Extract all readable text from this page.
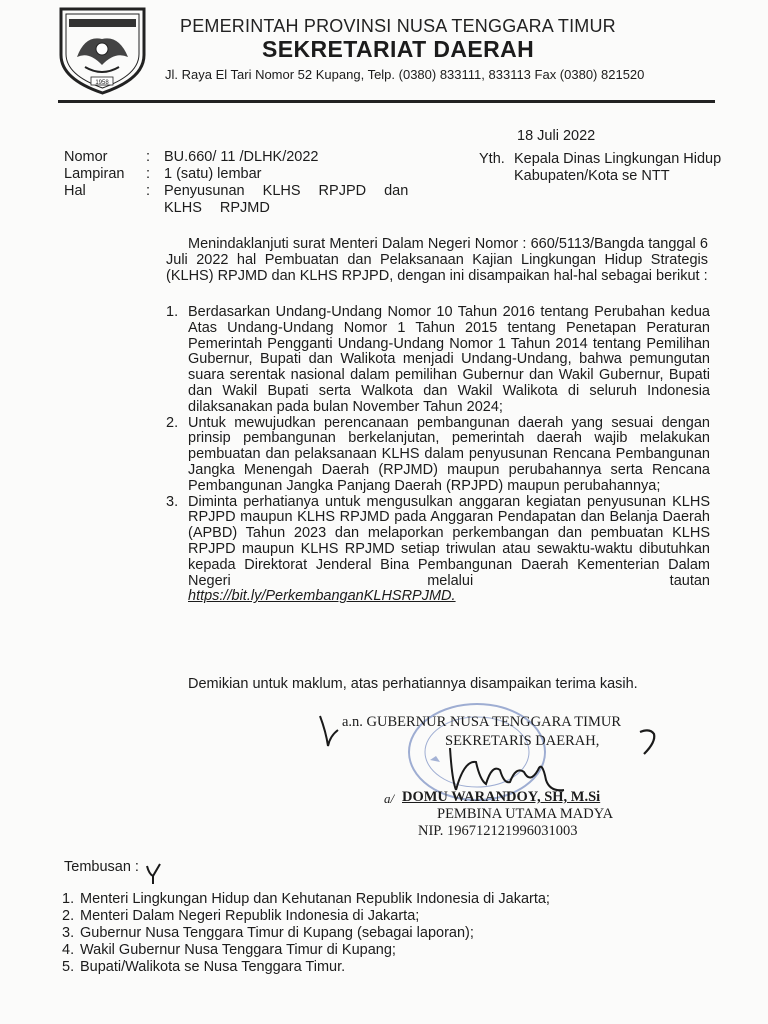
1958
PEMERINTAH PROVINSI NUSA TENGGARA TIMUR
SEKRETARIAT DAERAH
Jl. Raya El Tari Nomor 52 Kupang, Telp. (0380) 833111, 833113 Fax (0380) 821520
18 Juli 2022
Nomor	: BU.660/ 11 /DLHK/2022
Lampiran	: 1 (satu) lembar
Hal	: Penyusunan KLHS RPJPD dan KLHS RPJMD
Yth. Kepala Dinas Lingkungan Hidup
Kabupaten/Kota se NTT
Menindaklanjuti surat Menteri Dalam Negeri Nomor : 660/5113/Bangda tanggal 6 Juli 2022 hal Pembuatan dan Pelaksanaan Kajian Lingkungan Hidup Strategis (KLHS) RPJMD dan KLHS RPJPD, dengan ini disampaikan hal-hal sebagai berikut :
1. Berdasarkan Undang-Undang Nomor 10 Tahun 2016 tentang Perubahan kedua Atas Undang-Undang Nomor 1 Tahun 2015 tentang Penetapan Peraturan Pemerintah Pengganti Undang-Undang Nomor 1 Tahun 2014 tentang Pemilihan Gubernur, Bupati dan Walikota menjadi Undang-Undang, bahwa pemungutan suara serentak nasional dalam pemilihan Gubernur dan Wakil Gubernur, Bupati dan Wakil Bupati serta Walkota dan Wakil Walikota di seluruh Indonesia dilaksanakan pada bulan November Tahun 2024;
2. Untuk mewujudkan perencanaan pembangunan daerah yang sesuai dengan prinsip pembangunan berkelanjutan, pemerintah daerah wajib melakukan pembuatan dan pelaksanaan KLHS dalam penyusunan Rencana Pembangunan Jangka Menengah Daerah (RPJMD) maupun perubahannya serta Rencana Pembangunan Jangka Panjang Daerah (RPJPD) maupun perubahannya;
3. Diminta perhatianya untuk mengusulkan anggaran kegiatan penyusunan KLHS RPJPD maupun KLHS RPJMD pada Anggaran Pendapatan dan Belanja Daerah (APBD) Tahun 2023 dan melaporkan perkembangan dan pembuatan KLHS RPJPD maupun KLHS RPJMD setiap triwulan atau sewaktu-waktu dibutuhkan kepada Direktorat Jenderal Bina Pembangunan Daerah Kementerian Dalam Negeri melalui tautan
https://bit.ly/PerkembanganKLHSRPJMD.
Demikian untuk maklum, atas perhatiannya disampaikan terima kasih.
a.n. GUBERNUR NUSA TENGGARA TIMUR
SEKRETARIS DAERAH,
a/ DOMU WARANDOY, SH, M.Si
PEMBINA UTAMA MADYA
NIP. 196712121996031003
Tembusan :
1. Menteri Lingkungan Hidup dan Kehutanan Republik Indonesia di Jakarta;
2. Menteri Dalam Negeri Republik Indonesia di Jakarta;
3. Gubernur Nusa Tenggara Timur di Kupang (sebagai laporan);
4. Wakil Gubernur Nusa Tenggara Timur di Kupang;
5. Bupati/Walikota se Nusa Tenggara Timur.
